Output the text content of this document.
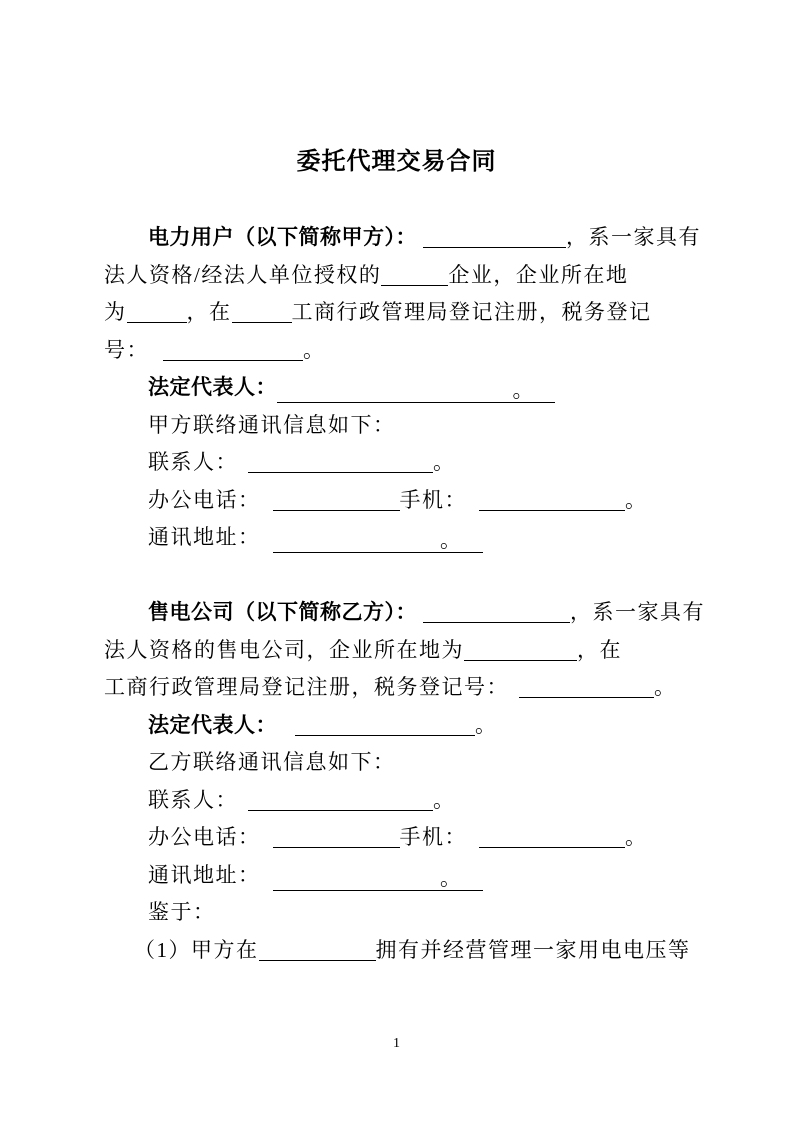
委托代理交易合同
电力用户（以下简称甲方）：	，系一家具有
法人资格/经法人单位授权的	企业，企业所在地
为	，在	工商行政管理局登记注册，税务登记
号：	。
法定代表人：	。
甲方联络通讯信息如下：
联系人：	。
办公电话：	手机：	。
通讯地址：	。
售电公司（以下简称乙方）：	，系一家具有
法人资格的售电公司，企业所在地为	，在
工商行政管理局登记注册，税务登记号：	。
法定代表人：	。
乙方联络通讯信息如下：
联系人：	。
办公电话：	手机：	。
通讯地址：	。
鉴于：
（1）甲方在	拥有并经营管理一家用电电压等
1
